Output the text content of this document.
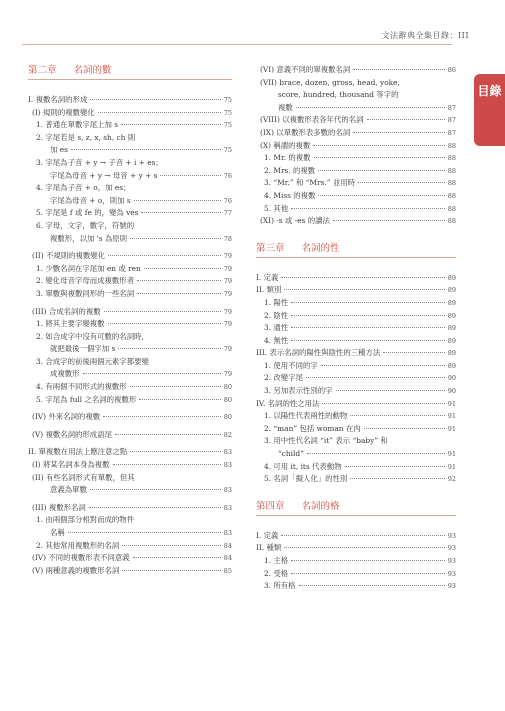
文法辭典全集目錄：III
目錄
第二章 名詞的數
I. 複數名詞的形成	75
(I) 規則的複數變化	75
1. 普通在單數字尾上加 s	75
2. 字尾若是 s, z, x, sh, ch 則
加 es	75
3. 字尾為子音 + y → 子音 + i + es；
字尾為母音 + y → 母音 + y + s	76
4. 字尾為子音 + o，加 es；
字尾為母音 + o，則加 s	76
5. 字尾是 f 或 fe 的，變為 ves	77
6. 字母，文字，數字，符號的
複數形，以加 's 為原則	78
(II) 不規則的複數變化	79
1. 少數名詞在字尾加 en 或 ren	79
2. 變化母音字母而成複數形者	79
3. 單數與複數同形的一些名詞	79
(III) 合成名詞的複數	79
1. 將其主要字變複數	79
2. 如合成字中沒有可數的名詞時，
就把最後一個字加 s	79
3. 合成字的前後兩個元素字都要變
成複數形	79
4. 有兩個不同形式的複數形	80
5. 字尾為 full 之名詞的複數形	80
(IV) 外來名詞的複數	80
(V) 複數名詞的形成語尾	82
II. 單複數在用法上應注意之點	83
(I) 將某名詞本身為複數	83
(II) 有些名詞形式有單數，但其
意義為單數	83
(III) 複數形名詞	83
1. 由兩個部分相對而成的物件
名稱	83
2. 其他常用複數形的名詞	84
(IV) 不同的複數形表不同意義	84
(V) 兩種意義的複數形名詞	85
(VI) 意義不同的單複數名詞	86
(VII) brace, dozen, gross, head, yoke,
score, hundred, thousand 等字的
複數	87
(VIII) 以複數形表各年代的名詞	87
(IX) 以單數形表多數的名詞	87
(X) 稱謂的複數	88
1. Mr. 的複數	88
2. Mrs. 的複數	88
3. “Mr.” 和 “Mrs.” 並用時	88
4. Miss 的複數	88
5. 其他	88
(XI) -s 或 -es 的讀法	88
第三章 名詞的性
I. 定義	89
II. 類別	89
1. 陽性	89
2. 陰性	89
3. 通性	89
4. 無性	89
III. 表示名詞的陽性與陰性的三種方法	89
1. 使用不同的字	89
2. 改變字尾	90
3. 另加表示性別的字	90
IV. 名詞的性之用法	91
1. 以陽性代表兩性的動物	91
2. “man” 包括 woman 在內	91
3. 用中性代名詞 “it” 表示 “baby” 和
“child”	91
4. 可用 it, its 代表動物	91
5. 名詞「擬人化」的性別	92
第四章 名詞的格
I. 定義	93
II. 種類	93
1. 主格	93
2. 受格	93
3. 所有格	93
